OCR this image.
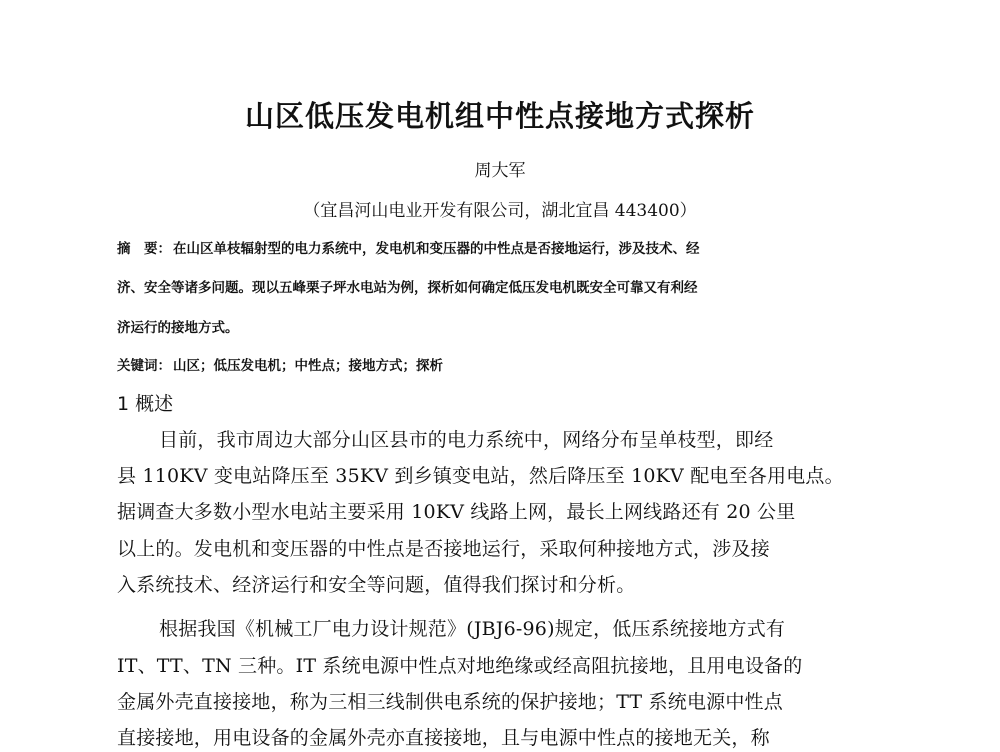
山区低压发电机组中性点接地方式探析
周大军
（宜昌河山电业开发有限公司，湖北宜昌 443400）
摘　要： 在山区单枝辐射型的电力系统中，发电机和变压器的中性点是否接地运行，涉及技术、经
济、安全等诸多问题。现以五峰栗子坪水电站为例，探析如何确定低压发电机既安全可靠又有利经
济运行的接地方式。
关键词： 山区；低压发电机；中性点；接地方式；探析
1 概述
目前，我市周边大部分山区县市的电力系统中，网络分布呈单枝型，即经
县 110KV 变电站降压至 35KV 到乡镇变电站，然后降压至 10KV 配电至各用电点。
据调查大多数小型水电站主要采用 10KV 线路上网，最长上网线路还有 20 公里
以上的。发电机和变压器的中性点是否接地运行，采取何种接地方式，涉及接
入系统技术、经济运行和安全等问题，值得我们探讨和分析。
根据我国《机械工厂电力设计规范》(JBJ6-96)规定，低压系统接地方式有
IT、TT、TN 三种。IT 系统电源中性点对地绝缘或经高阻抗接地，且用电设备的
金属外壳直接接地，称为三相三线制供电系统的保护接地；TT 系统电源中性点
直接接地，用电设备的金属外壳亦直接接地，且与电源中性点的接地无关，称
